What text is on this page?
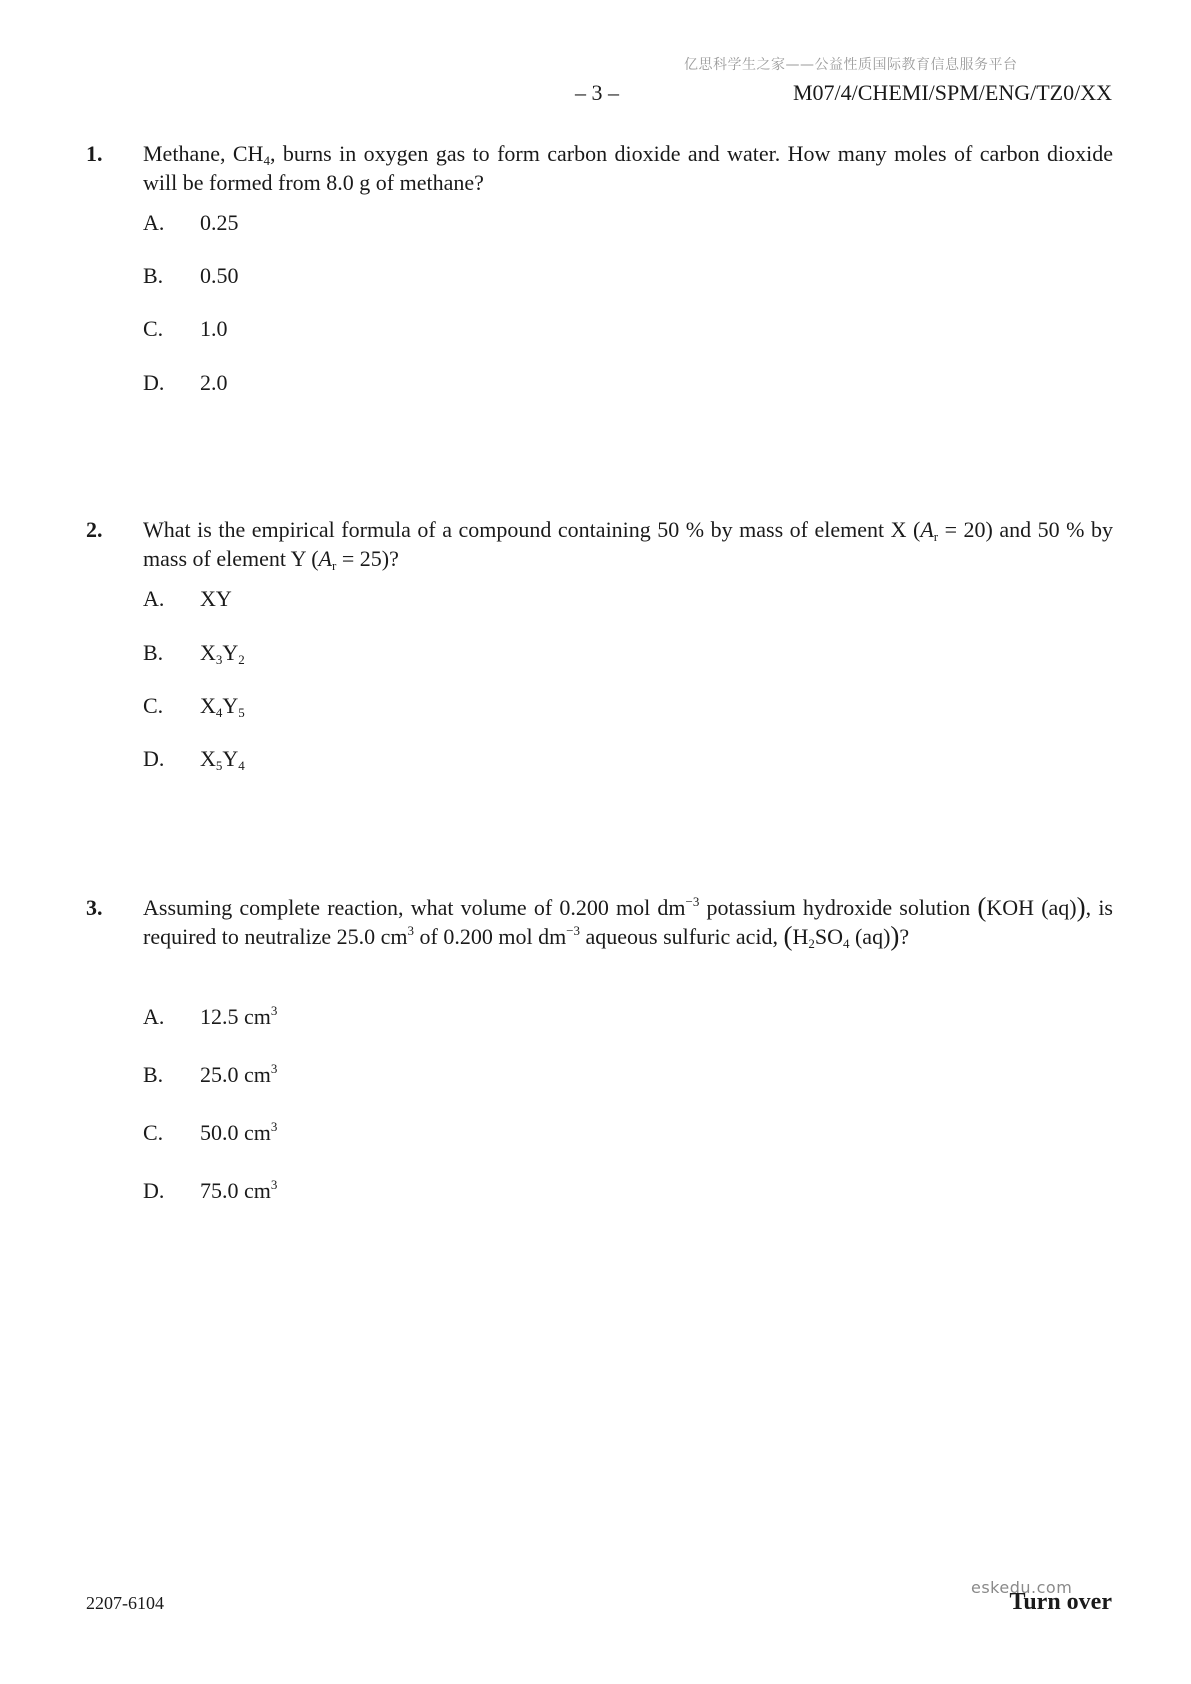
亿思科学生之家——公益性质国际教育信息服务平台
– 3 –	M07/4/CHEMI/SPM/ENG/TZ0/XX
1. Methane, $CH_4$, burns in oxygen gas to form carbon dioxide and water. How many moles of carbon dioxide will be formed from 8.0 g of methane?
A. 0.25
B. 0.50
C. 1.0
D. 2.0
2. What is the empirical formula of a compound containing 50 % by mass of element X $(A_r = 20)$ and 50 % by mass of element Y $(A_r = 25)$?
A. XY
B. $X_3Y_2$
C. $X_4Y_5$
D. $X_5Y_4$
3. Assuming complete reaction, what volume of 0.200 mol $dm^{-3}$ potassium hydroxide solution (KOH (aq)), is required to neutralize 25.0 $cm^3$ of 0.200 mol $dm^{-3}$ aqueous sulfuric acid, ($H_2SO_4$ (aq))?
A. 12.5 $cm^3$
B. 25.0 $cm^3$
C. 50.0 $cm^3$
D. 75.0 $cm^3$
2207-6104
eskedu.com
Turn over
